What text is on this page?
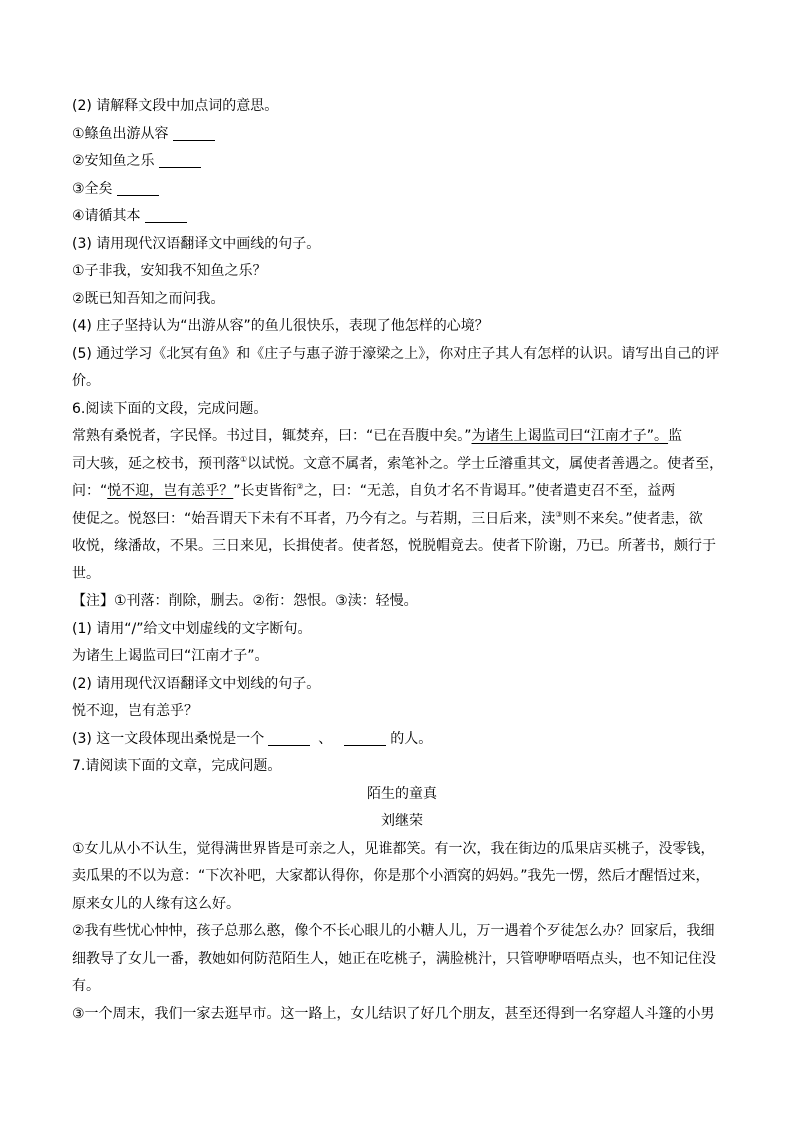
(2) 请解释文段中加点词的意思。
①鲦鱼出游从容
②安知鱼之乐
③全矣
④请循其本
(3) 请用现代汉语翻译文中画线的句子。
①子非我，安知我不知鱼之乐？
②既已知吾知之而问我。
(4) 庄子坚持认为“出游从容”的鱼儿很快乐，表现了他怎样的心境？
(5) 通过学习《北冥有鱼》和《庄子与惠子游于濠梁之上》，你对庄子其人有怎样的认识。请写出自己的评
价。
6.阅读下面的文段，完成问题。
常熟有桑悦者，字民怿。书过目，辄焚弃，曰：“已在吾腹中矣。”为诸生上谒监司曰“江南才子”。监
司大骇，延之校书，预刊落①以试悦。文意不属者，索笔补之。学士丘濬重其文，属使者善遇之。使者至，
问：“悦不迎，岂有恙乎？”长吏皆衔②之，曰：“无恙，自负才名不肯谒耳。”使者遣吏召不至，益两
使促之。悦怒曰：“始吾谓天下未有不耳者，乃今有之。与若期，三日后来，渎③则不来矣。”使者恚，欲
收悦，缘潘故，不果。三日来见，长揖使者。使者怒，悦脱帽竟去。使者下阶谢，乃已。所著书，颇行于
世。
【注】①刊落：削除，删去。②衔：怨恨。③渎：轻慢。
(1) 请用“/”给文中划虚线的文字断句。
为诸生上谒监司曰“江南才子”。
(2) 请用现代汉语翻译文中划线的句子。
悦不迎，岂有恙乎？
(3) 这一文段体现出桑悦是一个	、	的人。
7.请阅读下面的文章，完成问题。
陌生的童真
刘继荣
①女儿从小不认生，觉得满世界皆是可亲之人，见谁都笑。有一次，我在街边的瓜果店买桃子，没零钱，
卖瓜果的不以为意：“下次补吧，大家都认得你，你是那个小酒窝的妈妈。”我先一愣，然后才醒悟过来，
原来女儿的人缘有这么好。
②我有些忧心忡忡，孩子总那么憨，像个不长心眼儿的小糖人儿，万一遇着个歹徒怎么办？回家后，我细
细教导了女儿一番，教她如何防范陌生人，她正在吃桃子，满脸桃汁，只管咿咿唔唔点头，也不知记住没
有。
③一个周末，我们一家去逛早市。这一路上，女儿结识了好几个朋友，甚至还得到一名穿超人斗篷的小男
